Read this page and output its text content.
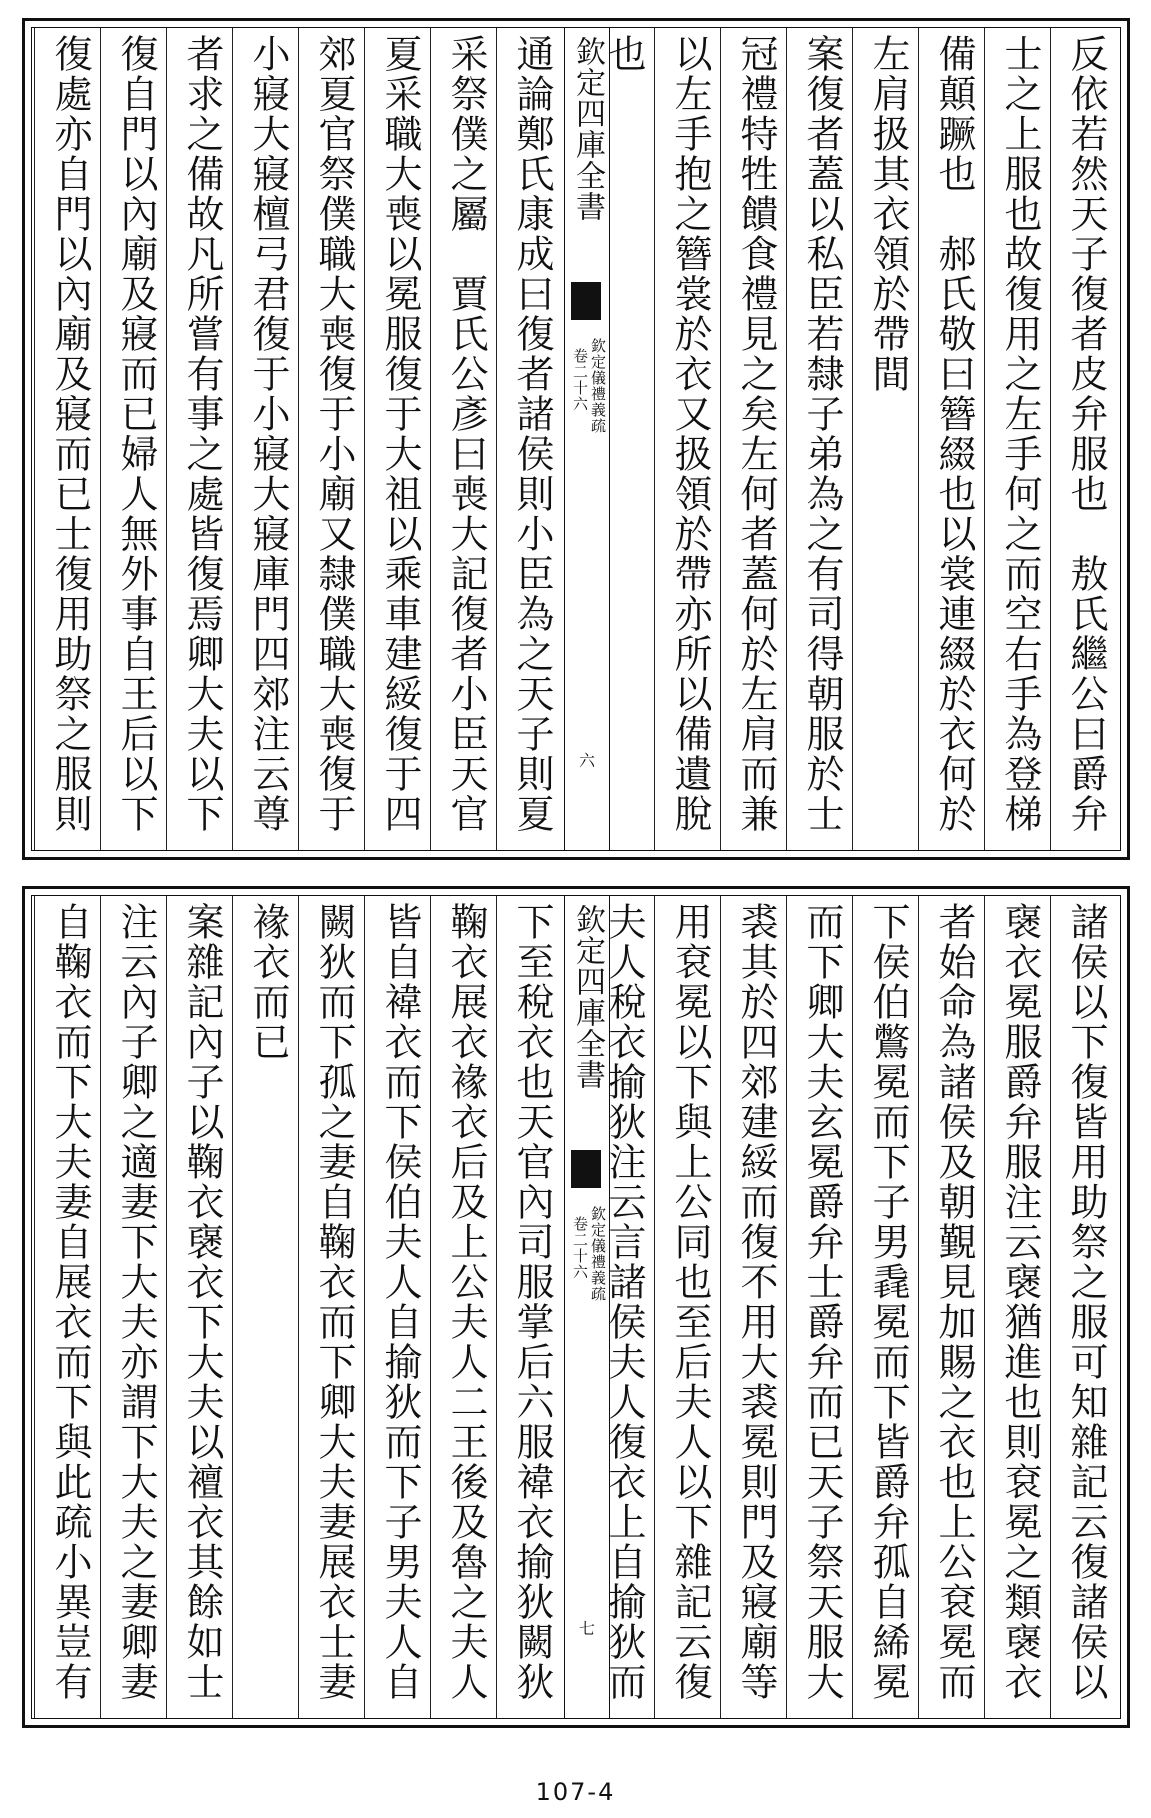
欽定四庫全書
欽定儀禮義疏
卷二十六
六	反依若然天子復者皮弁服也　敖氏繼公曰爵弁
士之上服也故復用之左手何之而空右手為登梯
備顛蹶也　郝氏敬曰簪綴也以裳連綴於衣何於
左肩扱其衣領於帶間
案復者蓋以私臣若隸子弟為之有司得朝服於士
冠禮特牲饋食禮見之矣左何者蓋何於左肩而兼
以左手抱之簪裳於衣又扱領於帶亦所以備遺脫
也
通論鄭氏康成曰復者諸侯則小臣為之天子則夏
采祭僕之屬　賈氏公彥曰喪大記復者小臣天官
夏采職大喪以冕服復于大祖以乘車建綏復于四
郊夏官祭僕職大喪復于小廟又隸僕職大喪復于
小寢大寢檀弓君復于小寢大寢庫門四郊注云尊
者求之備故凡所嘗有事之處皆復焉卿大夫以下
復自門以內廟及寢而已婦人無外事自王后以下
復處亦自門以內廟及寢而已士復用助祭之服則
欽定四庫全書
欽定儀禮義疏
卷二十六
七	諸侯以下復皆用助祭之服可知雜記云復諸侯以
襃衣冕服爵弁服注云襃猶進也則袞冕之類襃衣
者始命為諸侯及朝覲見加賜之衣也上公袞冕而
下侯伯鷩冕而下子男毳冕而下皆爵弁孤自絺冕
而下卿大夫玄冕爵弁士爵弁而已天子祭天服大
裘其於四郊建綏而復不用大裘冕則門及寢廟等
用袞冕以下與上公同也至后夫人以下雜記云復
夫人稅衣揄狄注云言諸侯夫人復衣上自揄狄而
下至稅衣也天官內司服掌后六服褘衣揄狄闕狄
鞠衣展衣褖衣后及上公夫人二王後及魯之夫人
皆自褘衣而下侯伯夫人自揄狄而下子男夫人自
闕狄而下孤之妻自鞠衣而下卿大夫妻展衣士妻
褖衣而已
案雜記內子以鞠衣襃衣下大夫以襢衣其餘如士
注云內子卿之適妻下大夫亦謂下大夫之妻卿妻
自鞠衣而下大夫妻自展衣而下與此疏小異豈有
107-4
